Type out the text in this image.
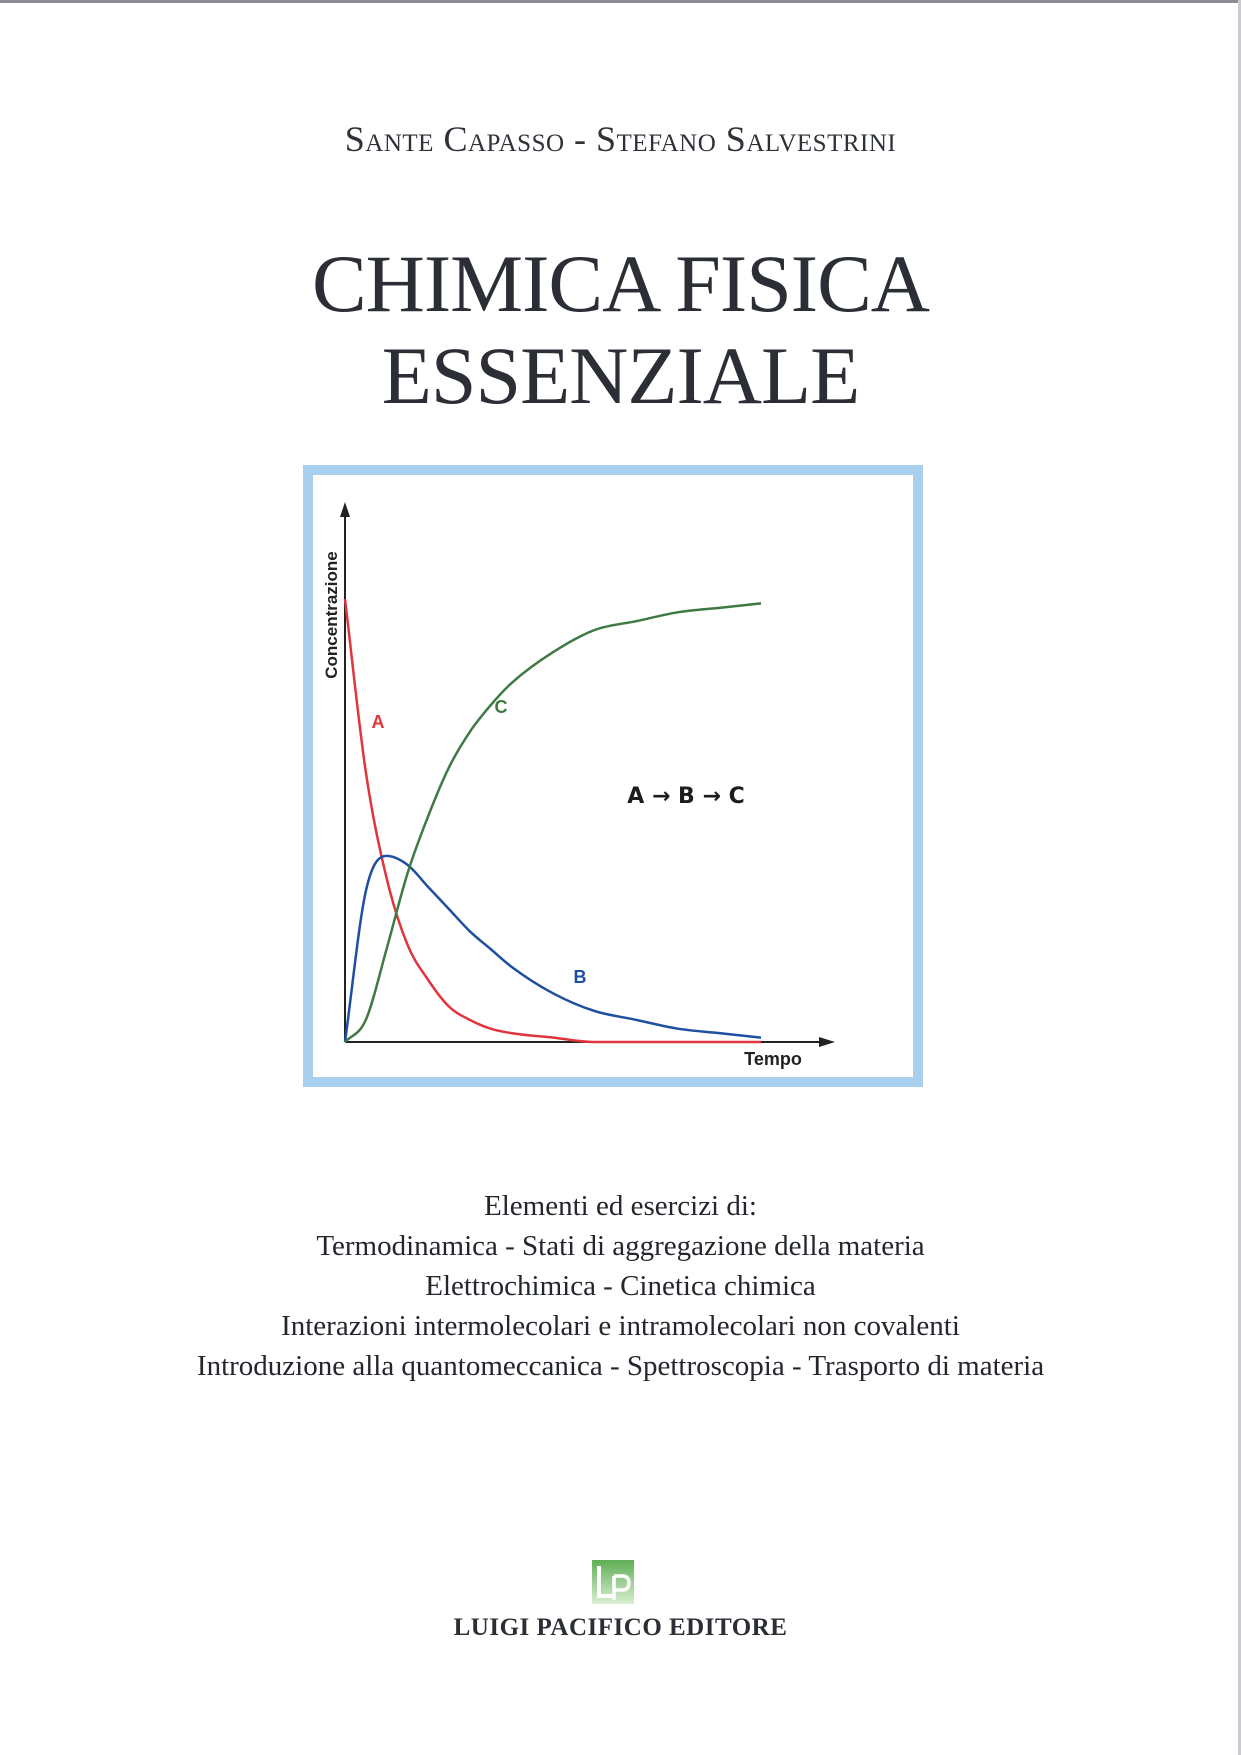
Sante Capasso - Stefano Salvestrini
CHIMICA FISICA
ESSENZIALE
Concentrazione
Tempo
A
B
C
A → B → C
Elementi ed esercizi di:
Termodinamica - Stati di aggregazione della materia
Elettrochimica - Cinetica chimica
Interazioni intermolecolari e intramolecolari non covalenti
Introduzione alla quantomeccanica - Spettroscopia - Trasporto di materia
LUIGI PACIFICO EDITORE
